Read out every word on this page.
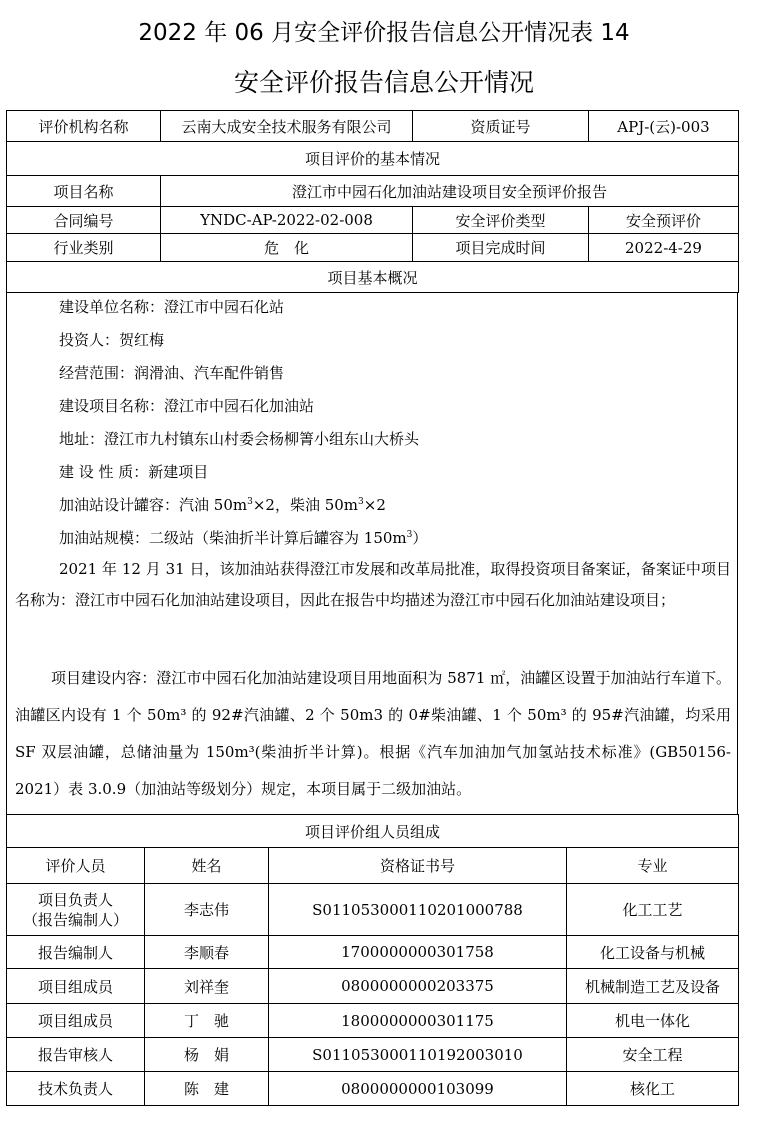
2022 年 06 月安全评价报告信息公开情况表 14
安全评价报告信息公开情况
评价机构名称	云南大成安全技术服务有限公司	资质证号	APJ-(云)-003
项目评价的基本情况			
项目名称	澄江市中园石化加油站建设项目安全预评价报告		
合同编号	YNDC-AP-2022-02-008	安全评价类型	安全预评价
行业类别	危　化	项目完成时间	2022-4-29
项目基本概况			
建设单位名称：澄江市中园石化站
投资人：贺红梅
经营范围：润滑油、汽车配件销售
建设项目名称：澄江市中园石化加油站
地址：澄江市九村镇东山村委会杨柳箐小组东山大桥头
建 设 性 质：新建项目
加油站设计罐容：汽油 $50m^3\times 2$，柴油 $50m^3\times 2$
加油站规模：二级站（柴油折半计算后罐容为 $150m^3$）

2021 年 12 月 31 日，该加油站获得澄江市发展和改革局批准，取得投资项目备案证，备案证中项目名称为：澄江市中园石化加油站建设项目，因此在报告中均描述为澄江市中园石化加油站建设项目；

项目建设内容：澄江市中园石化加油站建设项目用地面积为 5871 ㎡，油罐区设置于加油站行车道下。油罐区内设有 1 个 50m³ 的 92#汽油罐、2 个 50m3 的 0#柴油罐、1 个 50m³ 的 95#汽油罐，均采用 SF 双层油罐，总储油量为 150m³(柴油折半计算)。根据《汽车加油加气加氢站技术标准》(GB50156-2021）表 3.0.9（加油站等级划分）规定，本项目属于二级加油站。

项目评价组人员组成			
评价人员	姓名	资格证书号	专业
项目负责人
（报告编制人）	李志伟	S011053000110201000788	化工工艺
报告编制人	李顺春	1700000000301758	化工设备与机械
项目组成员	刘祥奎	0800000000203375	机械制造工艺及设备
项目组成员	丁　驰	1800000000301175	机电一体化
报告审核人	杨　娟	S011053000110192003010	安全工程
技术负责人	陈　建	0800000000103099	核化工
